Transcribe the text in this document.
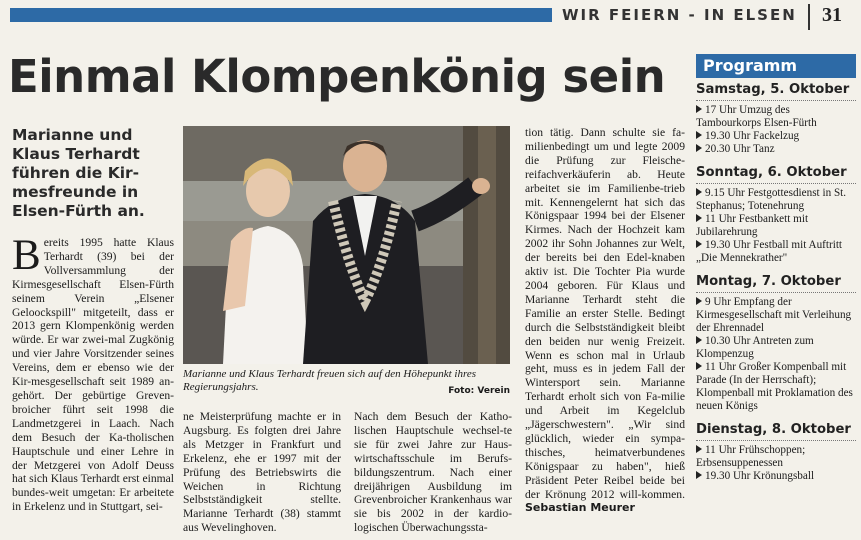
WIR FEIERN - IN ELSEN 31
Einmal Klompenkönig sein
Marianne und Klaus Terhardt führen die Kir-mesfreunde in Elsen-Fürth an.
Bereits 1995 hatte Klaus Terhardt (39) bei der Vollversammlung der Kirmesgesellschaft Elsen-Fürth seinem Verein „Elsener Geloockspill" mitgeteilt, dass er 2013 gern Klompenkönig werden würde. Er war zwei-mal Zugkönig und vier Jahre Vorsitzender seines Vereins, dem er ebenso wie der Kir-mesgesellschaft seit 1989 an-gehört. Der gebürtige Greven-broicher führt seit 1998 die Landmetzgerei in Laach. Nach dem Besuch der Ka-tholischen Hauptschule und einer Lehre in der Metzgerei von Adolf Deuss hat sich Klaus Terhardt erst einmal bundes-weit umgetan: Er arbeitete in Erkelenz und in Stuttgart, sei-
Marianne und Klaus Terhardt freuen sich auf den Höhepunkt ihres Regierungsjahrs.	Foto: Verein
ne Meisterprüfung machte er in Augsburg. Es folgten drei Jahre als Metzger in Frankfurt und Erkelenz, ehe er 1997 mit der Prüfung des Betriebswirts die Weichen in Richtung Selbstständigkeit stellte. Marianne Terhardt (38) stammt aus Wevelinghoven.
Nach dem Besuch der Katho-lischen Hauptschule wechsel-te sie für zwei Jahre zur Haus-wirtschaftsschule im Berufs-bildungszentrum. Nach einer dreijährigen Ausbildung im Grevenbroicher Krankenhaus war sie bis 2002 in der kardio-logischen Überwachungssta-
tion tätig. Dann schulte sie fa-milienbedingt um und legte 2009 die Prüfung zur Fleische-reifachverkäuferin ab. Heute arbeitet sie im Familienbe-trieb mit. Kennengelernt hat sich das Königspaar 1994 bei der Elsener Kirmes. Nach der Hochzeit kam 2002 ihr Sohn Johannes zur Welt, der bereits bei den Edel-knaben aktiv ist. Die Tochter Pia wurde 2004 geboren. Für Klaus und Marianne Terhardt steht die Familie an erster Stelle. Bedingt durch die Selbstständigkeit bleibt den beiden nur wenig Freizeit. Wenn es schon mal in Urlaub geht, muss es in jedem Fall der Wintersport sein. Marianne Terhardt erholt sich von Fa-milie und Arbeit im Kegelclub „Jägerschwestern". „Wir sind glücklich, wieder ein sympa-thisches, heimatverbundenes Königspaar zu haben", hieß Präsident Peter Reibel beide bei der Krönung 2012 will-kommen. Sebastian Meurer
Programm
Samstag, 5. Oktober
17 Uhr Umzug des Tambourkorps Elsen-Fürth
19.30 Uhr Fackelzug
20.30 Uhr Tanz
Sonntag, 6. Oktober
9.15 Uhr Festgottesdienst in St. Stephanus; Totenehrung
11 Uhr Festbankett mit Jubilarehrung
19.30 Uhr Festball mit Auftritt „Die Mennekrather"
Montag, 7. Oktober
9 Uhr Empfang der Kirmesgesellschaft mit Verleihung der Ehrennadel
10.30 Uhr Antreten zum Klompenzug
11 Uhr Großer Kompenball mit Parade (In der Herrschaft); Klompenball mit Proklamation des neuen Königs
Dienstag, 8. Oktober
11 Uhr Frühschoppen; Erbsensuppenessen
19.30 Uhr Krönungsball
